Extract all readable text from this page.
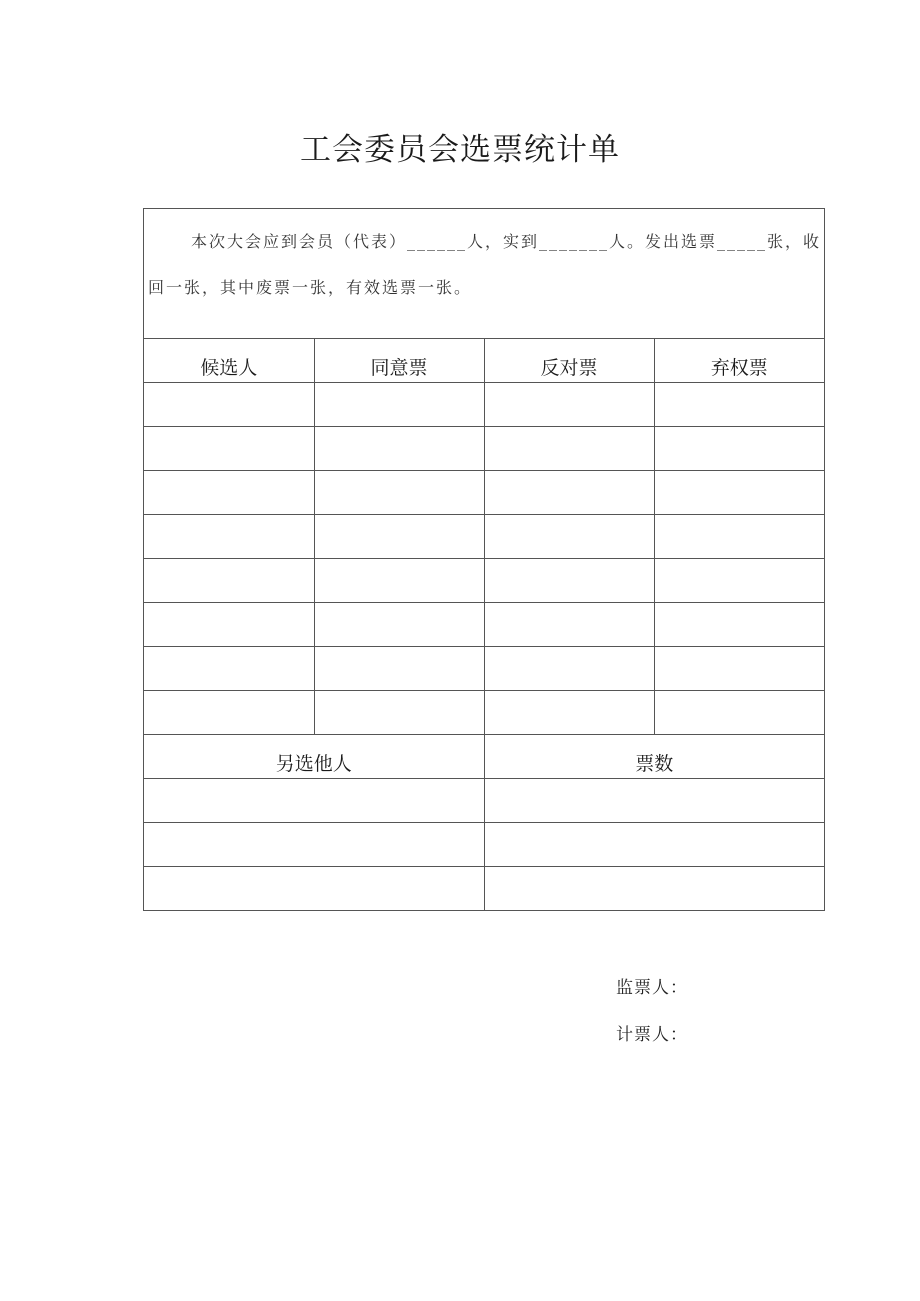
工会委员会选票统计单
本次大会应到会员（代表）______人，实到_______人。发出选票_____张，收
回一张，其中废票一张，有效选票一张。
候选人	同意票	反对票	弃权票

另选他人		票数	

监票人：
计票人：
